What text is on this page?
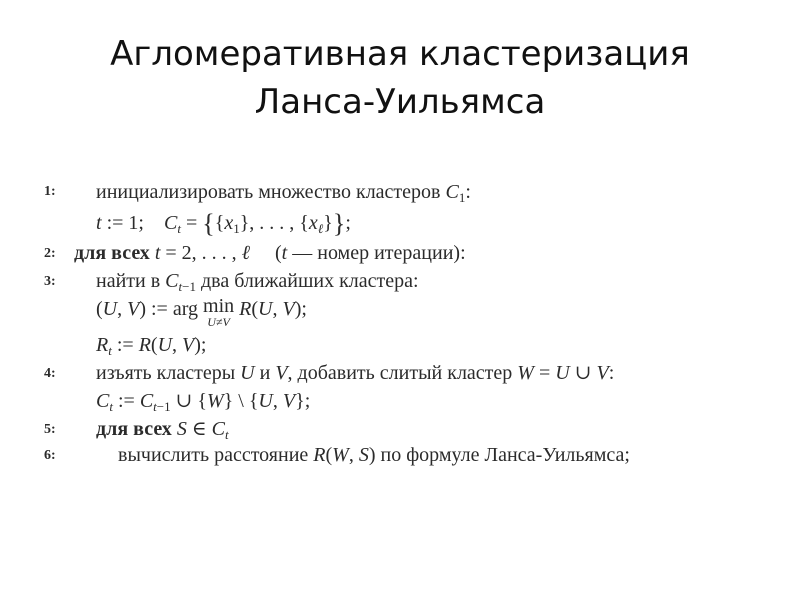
Агломеративная кластеризация
Ланса-Уильямса
1:	инициализировать множество кластеров $C_1$:
t := 1;    $C_t = \{\{x_1\}$, . . . , $\{x_\ell\}$};
2: для всех t = 2, . . . , ℓ     (t — номер итерации):
3:	найти в $C_{t-1}$ два ближайших кластера:
(U, V) := arg min
U≠V
R(U, V);
$R_t$ := R(U, V);
4:	изъять кластеры U и V, добавить слитый кластер W = U ∪ V:
$C_t$ := $C_{t-1}$ ∪ {W} \ {U, V};
5:	для всех S ∈ $C_t$
6:	вычислить расстояние R(W, S) по формуле Ланса-Уильямса;
